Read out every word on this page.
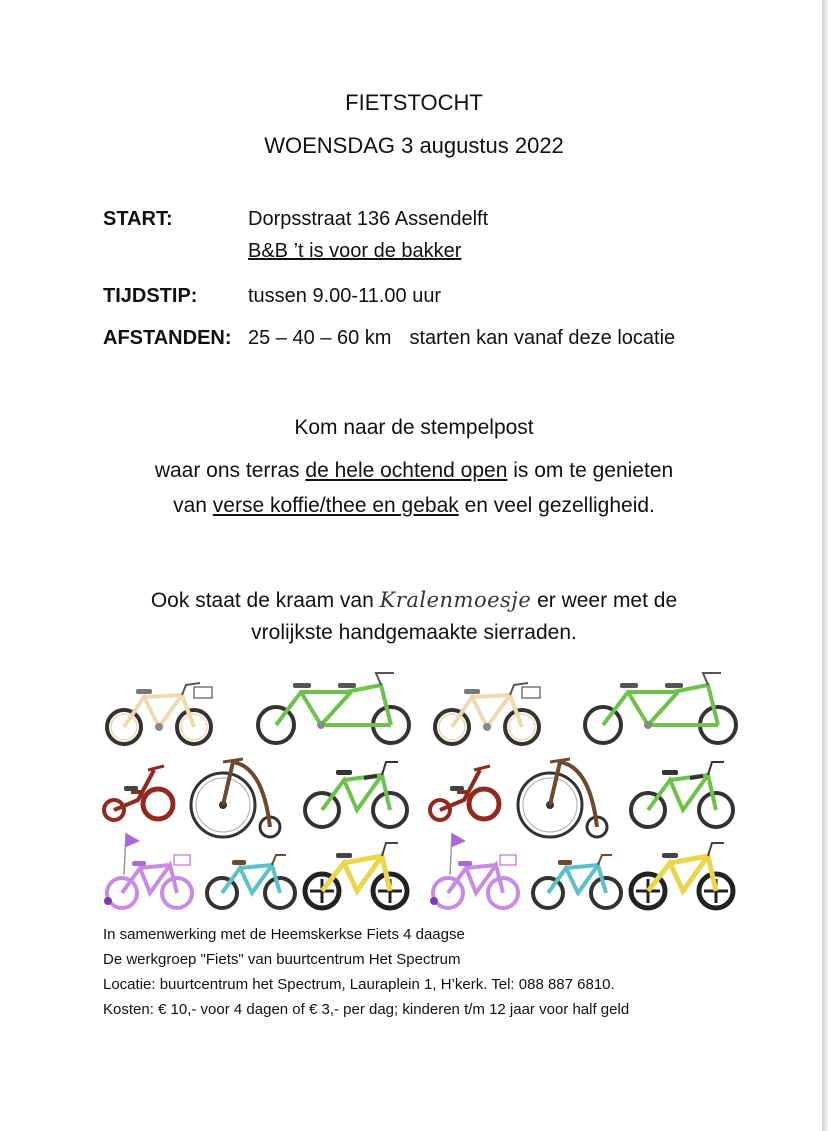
FIETSTOCHT
WOENSDAG 3 augustus 2022
START:	Dorpsstraat 136 Assendelft
B&B ’t is voor de bakker
TIJDSTIP:	tussen 9.00-11.00 uur
AFSTANDEN: 25 – 40 – 60 km starten kan vanaf deze locatie
Kom naar de stempelpost
waar ons terras de hele ochtend open is om te genieten
van verse koffie/thee en gebak en veel gezelligheid.
Ook staat de kraam van Kralenmoesje er weer met de
vrolijkste handgemaakte sierraden.
In samenwerking met de Heemskerkse Fiets 4 daagse
De werkgroep "Fiets" van buurtcentrum Het Spectrum
Locatie: buurtcentrum het Spectrum, Lauraplein 1, H’kerk. Tel: 088 887 6810.
Kosten: € 10,- voor 4 dagen of € 3,- per dag; kinderen t/m 12 jaar voor half geld
